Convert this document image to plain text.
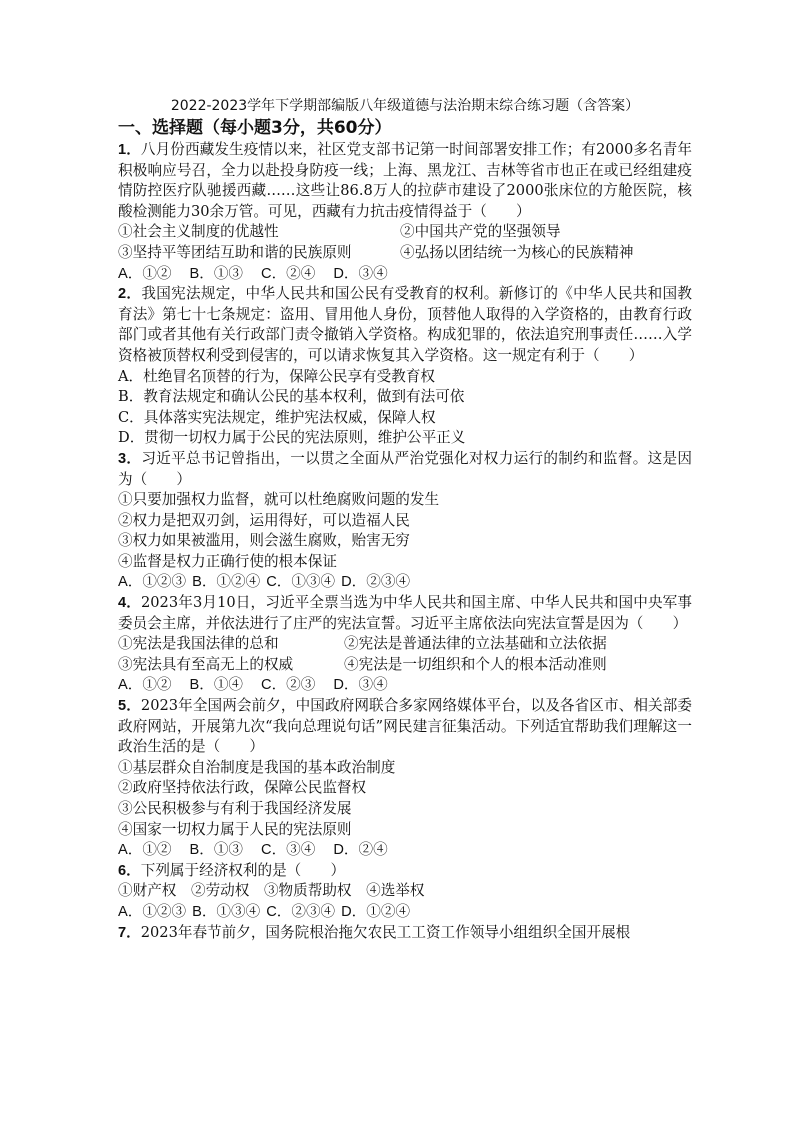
2022-2023学年下学期部编版八年级道德与法治期末综合练习题（含答案）
一、选择题（每小题3分，共60分）
1．八月份西藏发生疫情以来，社区党支部书记第一时间部署安排工作；有2000多名青年积极响应号召，全力以赴投身防疫一线；上海、黑龙江、吉林等省市也正在或已经组建疫情防控医疗队驰援西藏……这些让86.8万人的拉萨市建设了2000张床位的方舱医院，核酸检测能力30余万管。可见，西藏有力抗击疫情得益于（　　）
①社会主义制度的优越性	②中国共产党的坚强领导
③坚持平等团结互助和谐的民族原则	④弘扬以团结统一为核心的民族精神
A．①② B．①③ C．②④ D．③④
2．我国宪法规定，中华人民共和国公民有受教育的权利。新修订的《中华人民共和国教育法》第七十七条规定：盗用、冒用他人身份，顶替他人取得的入学资格的，由教育行政部门或者其他有关行政部门责令撤销入学资格。构成犯罪的，依法追究刑事责任……入学资格被顶替权利受到侵害的，可以请求恢复其入学资格。这一规定有利于（　　）
A．杜绝冒名顶替的行为，保障公民享有受教育权
B．教育法规定和确认公民的基本权利，做到有法可依
C．具体落实宪法规定，维护宪法权威，保障人权
D．贯彻一切权力属于公民的宪法原则，维护公平正义
3．习近平总书记曾指出，一以贯之全面从严治党强化对权力运行的制约和监督。这是因为（　　）
①只要加强权力监督，就可以杜绝腐败问题的发生
②权力是把双刃剑，运用得好，可以造福人民
③权力如果被滥用，则会滋生腐败，贻害无穷
④监督是权力正确行使的根本保证
A．①②③ B．①②④ C．①③④ D．②③④
4．2023年3月10日，习近平全票当选为中华人民共和国主席、中华人民共和国中央军事委员会主席，并依法进行了庄严的宪法宣誓。习近平主席依法向宪法宣誓是因为（　　）
①宪法是我国法律的总和	②宪法是普通法律的立法基础和立法依据
③宪法具有至高无上的权威	④宪法是一切组织和个人的根本活动准则
A．①② B．①④ C．②③ D．③④
5．2023年全国两会前夕，中国政府网联合多家网络媒体平台，以及各省区市、相关部委政府网站，开展第九次“我向总理说句话”网民建言征集活动。下列适宜帮助我们理解这一政治生活的是（　　）
①基层群众自治制度是我国的基本政治制度
②政府坚持依法行政，保障公民监督权
③公民积极参与有利于我国经济发展
④国家一切权力属于人民的宪法原则
A．①② B．①③ C．③④ D．②④
6．下列属于经济权利的是（　　）
①财产权　②劳动权　③物质帮助权　④选举权
A．①②③ B．①③④ C．②③④ D．①②④
7．2023年春节前夕，国务院根治拖欠农民工工资工作领导小组组织全国开展根
